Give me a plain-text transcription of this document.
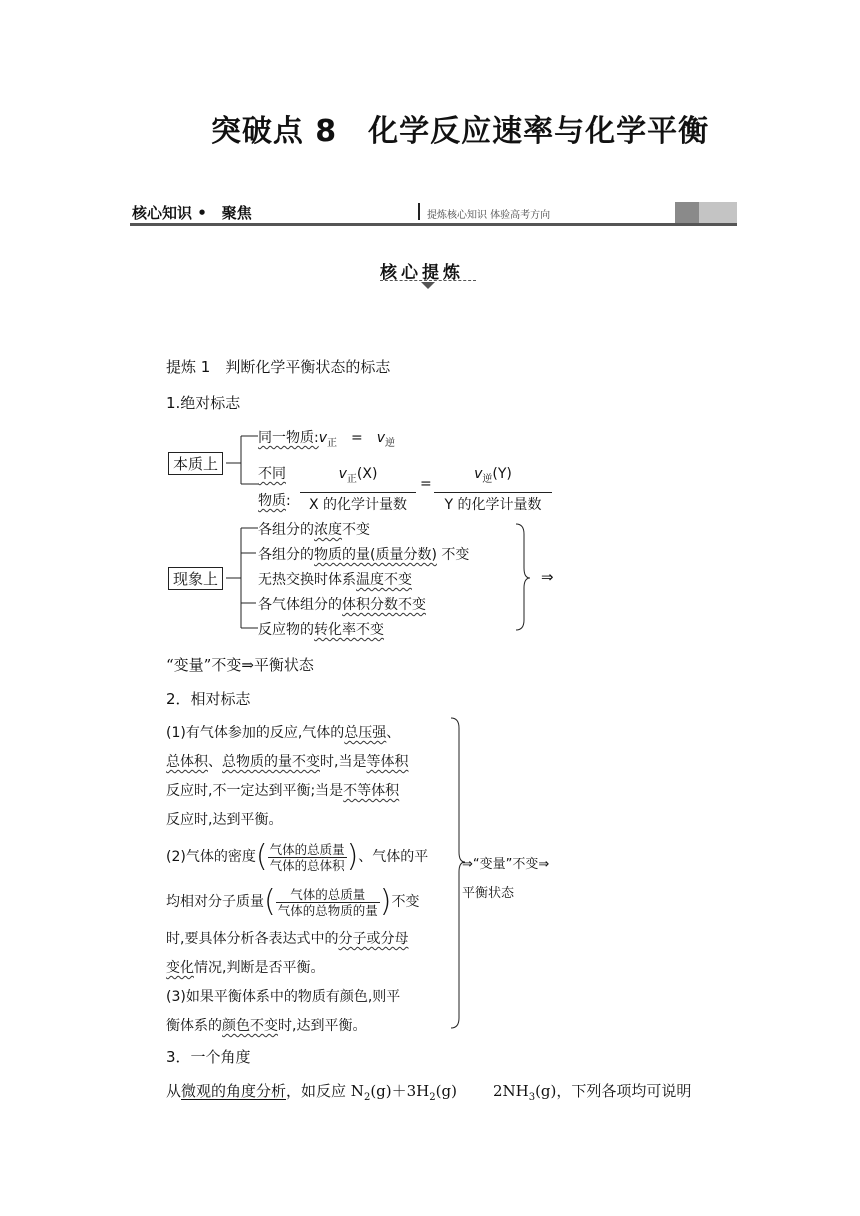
突破点 8　化学反应速率与化学平衡
核心知识 •　聚焦	提炼核心知识 体验高考方向
核心提炼
提炼 1　 判断化学平衡状态的标志
1.绝对标志
本质上
同一物质$:v_正$　 =　 $v_逆$
不同
物质:
$v_正(X)$
X 的化学计量数
=
$v_逆(Y)$
Y 的化学计量数
现象上
各组分的浓度不变
各组分的物质的量(质量分数) 不变
无热交换时体系温度不变
各气体组分的体积分数不变
反应物的转化率不变
⇒
“变量”不变⇒平衡状态
2．相对标志
(1)有气体参加的反应,气体的总压强、
总体积、总物质的量不变时,当是等体积
反应时,不一定达到平衡;当是不等体积
反应时,达到平衡。
(2)气体的密度( $\frac{\text{气体的总质量}}{\text{气体的总体积}}$ )、气体的平
均相对分子质量( $\frac{\text{气体的总质量}}{\text{气体的总物质的量}}$ )不变
时,要具体分析各表达式中的分子或分母
变化情况,判断是否平衡。
(3)如果平衡体系中的物质有颜色,则平
衡体系的颜色不变时,达到平衡。
⇒“变量”不变⇒
平衡状态
3．一个角度
从微观的角度分析，如反应 $N_2(g)+3H_2(g)$ $2NH_3(g)$，下列各项均可说明
